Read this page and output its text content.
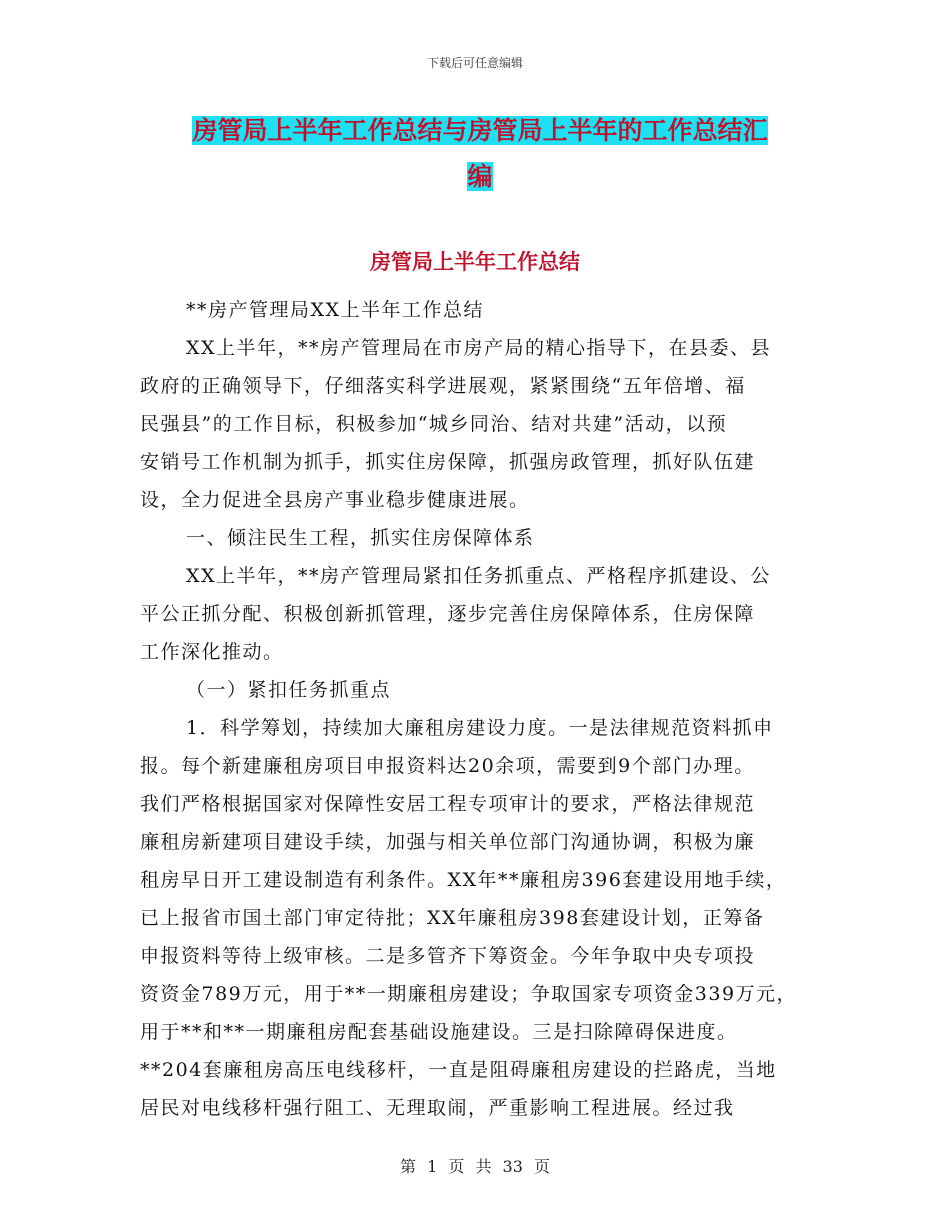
下载后可任意编辑
房管局上半年工作总结与房管局上半年的工作总结汇
编
房管局上半年工作总结
**房产管理局XX上半年工作总结
XX上半年，**房产管理局在市房产局的精心指导下，在县委、县
政府的正确领导下，仔细落实科学进展观，紧紧围绕“五年倍增、福
民强县”的工作目标，积极参加“城乡同治、结对共建”活动，以预
安销号工作机制为抓手，抓实住房保障，抓强房政管理，抓好队伍建
设，全力促进全县房产事业稳步健康进展。
一、倾注民生工程，抓实住房保障体系
XX上半年，**房产管理局紧扣任务抓重点、严格程序抓建设、公
平公正抓分配、积极创新抓管理，逐步完善住房保障体系，住房保障
工作深化推动。
（一）紧扣任务抓重点
1．科学筹划，持续加大廉租房建设力度。一是法律规范资料抓申
报。每个新建廉租房项目申报资料达20余项，需要到9个部门办理。
我们严格根据国家对保障性安居工程专项审计的要求，严格法律规范
廉租房新建项目建设手续，加强与相关单位部门沟通协调，积极为廉
租房早日开工建设制造有利条件。XX年**廉租房396套建设用地手续，
已上报省市国土部门审定待批；XX年廉租房398套建设计划，正筹备
申报资料等待上级审核。二是多管齐下筹资金。今年争取中央专项投
资资金789万元，用于**一期廉租房建设；争取国家专项资金339万元，
用于**和**一期廉租房配套基础设施建设。三是扫除障碍保进度。
**204套廉租房高压电线移杆，一直是阻碍廉租房建设的拦路虎，当地
居民对电线移杆强行阻工、无理取闹，严重影响工程进展。经过我
第 1 页 共 33 页
